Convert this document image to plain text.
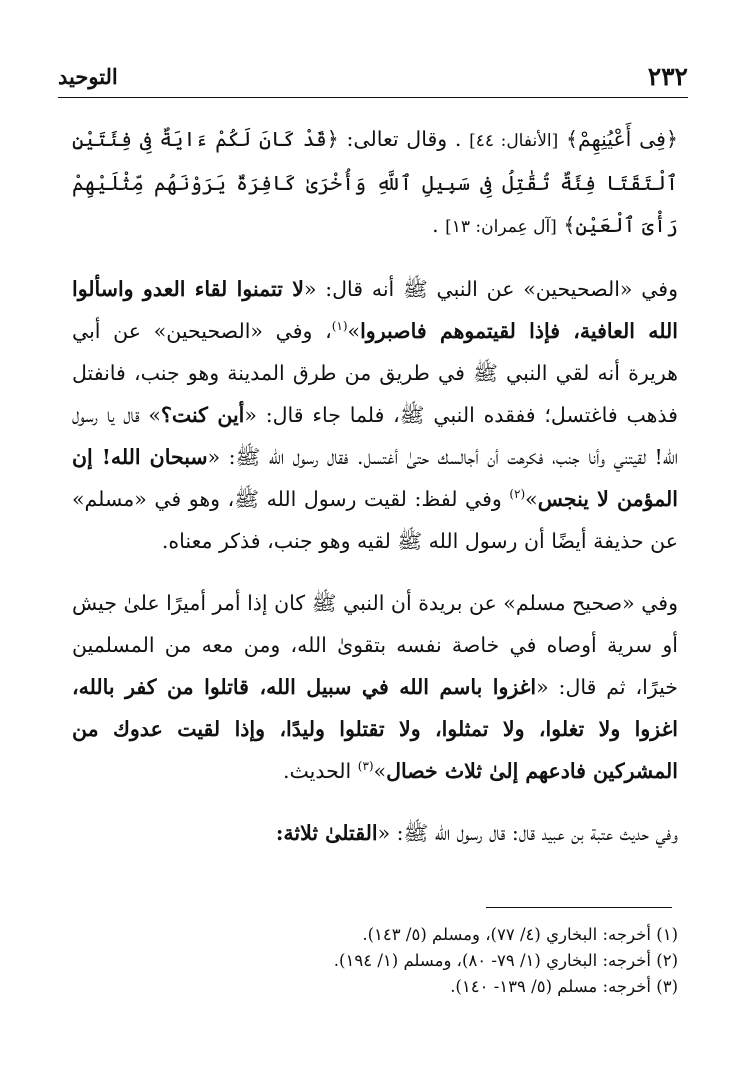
٢٣٢
التوحيد

﴿فِى أَعْيُنِهِمْ﴾ [الأنفال: ٤٤] . وقال تعالى: ﴿قَدْ كَانَ لَكُمْ ءَايَةٌ فِى فِئَتَيْنِ ٱلْتَقَتَا فِئَةٌ تُقَٰتِلُ فِى سَبِيلِ ٱللَّهِ وَأُخْرَىٰ كَافِرَةٌ يَرَوْنَهُم مِّثْلَيْهِمْ رَأْىَ ٱلْعَيْنِ﴾ [آل عِمران: ١٣] .

وفي «الصحيحين» عن النبي ﷺ أنه قال: «لا تتمنوا لقاء العدو واسألوا الله العافية، فإذا لقيتموهم فاصبروا»$^{(١)}$، وفي «الصحيحين» عن أبي هريرة أنه لقي النبي ﷺ في طريق من طرق المدينة وهو جنب، فانفتل فذهب فاغتسل؛ ففقده النبي ﷺ، فلما جاء قال: «أين كنت؟» قال يا رسول الله! لقيتني وأنا جنب، فكرهت أن أجالسك حتىٰ أغتسل. فقال رسول الله ﷺ: «سبحان الله! إن المؤمن لا ينجس»$^{(٢)}$ وفي لفظ: لقيت رسول الله ﷺ، وهو في «مسلم» عن حذيفة أيضًا أن رسول الله ﷺ لقيه وهو جنب، فذكر معناه.

وفي «صحيح مسلم» عن بريدة أن النبي ﷺ كان إذا أمر أميرًا علىٰ جيش أو سرية أوصاه في خاصة نفسه بتقوىٰ الله، ومن معه من المسلمين خيرًا، ثم قال: «اغزوا باسم الله في سبيل الله، قاتلوا من كفر بالله، اغزوا ولا تغلوا، ولا تمثلوا، ولا تقتلوا وليدًا، وإذا لقيت عدوك من المشركين فادعهم إلىٰ ثلاث خصال»$^{(٣)}$ الحديث.

وفي حديث عتبة بن عبيد قال: قال رسول الله ﷺ: «القتلىٰ ثلاثة:

(١) أخرجه: البخاري (٤/ ٧٧)، ومسلم (٥/ ١٤٣).

(٢) أخرجه: البخاري (١/ ٧٩- ٨٠)، ومسلم (١/ ١٩٤).

(٣) أخرجه: مسلم (٥/ ١٣٩- ١٤٠).
